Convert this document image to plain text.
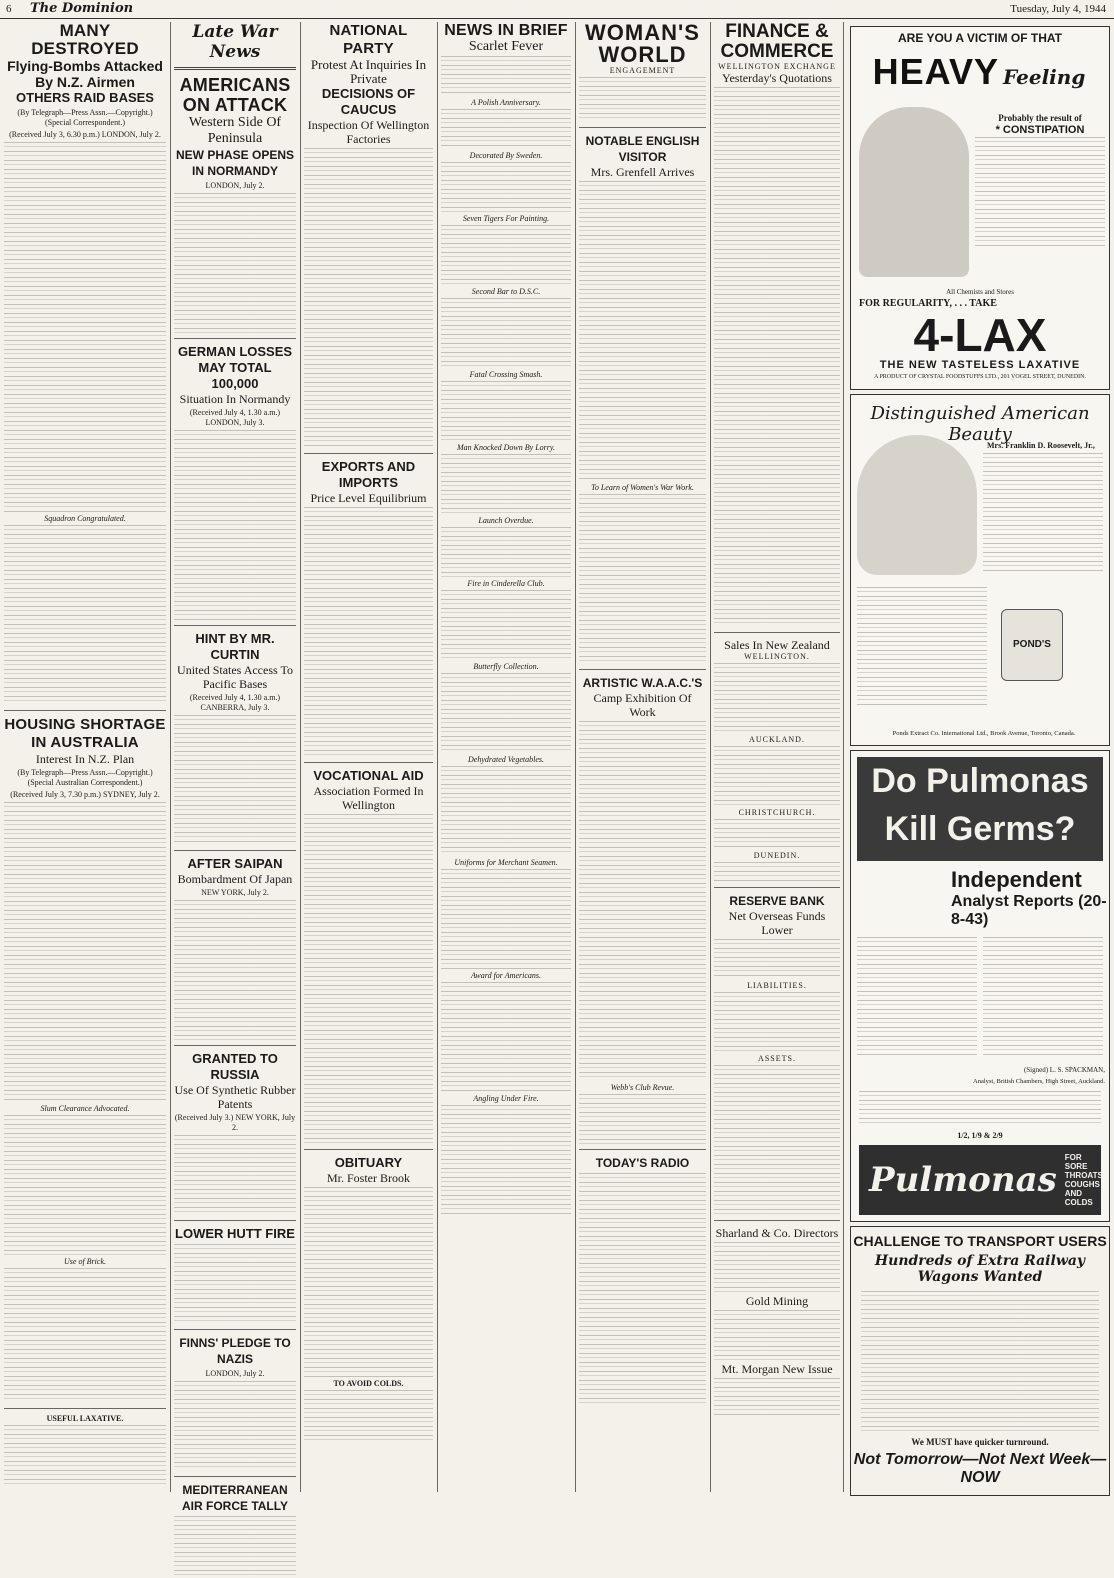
6 The Dominion	Tuesday, July 4, 1944
MANY DESTROYED
Flying-Bombs Attacked By N.Z. Airmen
OTHERS RAID BASES
(By Telegraph—Press Assn.—Copyright.) (Special Correspondent.)
(Received July 3, 6.30 p.m.) LONDON, July 2.
Squadron Congratulated.
HOUSING SHORTAGE IN AUSTRALIA
Interest In N.Z. Plan
(By Telegraph—Press Assn.—Copyright.) (Special Australian Correspondent.)
(Received July 3, 7.30 p.m.) SYDNEY, July 2.
Slum Clearance Advocated.
Use of Brick.
USEFUL LAXATIVE.
Late War News
AMERICANS ON ATTACK
Western Side Of Peninsula
NEW PHASE OPENS IN NORMANDY
LONDON, July 2.
GERMAN LOSSES MAY TOTAL 100,000
Situation In Normandy
(Received July 4, 1.30 a.m.) LONDON, July 3.
HINT BY MR. CURTIN
United States Access To Pacific Bases
(Received July 4, 1.30 a.m.) CANBERRA, July 3.
AFTER SAIPAN
Bombardment Of Japan
NEW YORK, July 2.
GRANTED TO RUSSIA
Use Of Synthetic Rubber Patents
(Received July 3.) NEW YORK, July 2.
LOWER HUTT FIRE
FINNS' PLEDGE TO NAZIS
LONDON, July 2.
MEDITERRANEAN AIR FORCE TALLY
NATIONAL PARTY
Protest At Inquiries In Private
DECISIONS OF CAUCUS
Inspection Of Wellington Factories
EXPORTS AND IMPORTS
Price Level Equilibrium
VOCATIONAL AID
Association Formed In Wellington
OBITUARY
Mr. Foster Brook
TO AVOID COLDS.
NEWS IN BRIEF
Scarlet Fever
A Polish Anniversary.
Decorated By Sweden.
Seven Tigers For Painting.
Second Bar to D.S.C.
Fatal Crossing Smash.
Man Knocked Down By Lorry.
Launch Overdue.
Fire in Cinderella Club.
Butterfly Collection.
Dehydrated Vegetables.
Uniforms for Merchant Seamen.
Award for Americans.
Angling Under Fire.
WOMAN'S
WORLD
ENGAGEMENT
NOTABLE ENGLISH VISITOR
Mrs. Grenfell Arrives
To Learn of Women's War Work.
ARTISTIC W.A.A.C.'S
Camp Exhibition Of Work
Webb's Club Revue.
TODAY'S RADIO
FINANCE &
COMMERCE
WELLINGTON EXCHANGE
Yesterday's Quotations
Sales In New Zealand
WELLINGTON.
AUCKLAND.
CHRISTCHURCH.
DUNEDIN.
RESERVE BANK
Net Overseas Funds Lower
LIABILITIES.
ASSETS.
Sharland & Co. Directors
Gold Mining
Mt. Morgan New Issue
ARE YOU A VICTIM OF THAT
HEAVY Feeling
Probably the result of
* CONSTIPATION
All Chemists and Stores
FOR REGULARITY, . . . TAKE
4-LAX
THE NEW TASTELESS LAXATIVE
A PRODUCT OF CRYSTAL FOODSTUFFS LTD., 201 VOGEL STREET, DUNEDIN.
Distinguished American Beauty
Mrs. Franklin D. Roosevelt, Jr.,
POND'S
Ponds Extract Co. International Ltd., Brook Avenue, Toronto, Canada.
Do Pulmonas
Kill Germs?
Independent
Analyst Reports (20-8-43)
(Signed) L. S. SPACKMAN,
Analyst, British Chambers, High Street, Auckland.
1/2, 1/9 & 2/9
Pulmonas
FOR SORE THROATS COUGHS AND COLDS
CHALLENGE TO TRANSPORT USERS
Hundreds of Extra Railway Wagons Wanted
We MUST have quicker turnround.
Not Tomorrow—Not Next Week—NOW
